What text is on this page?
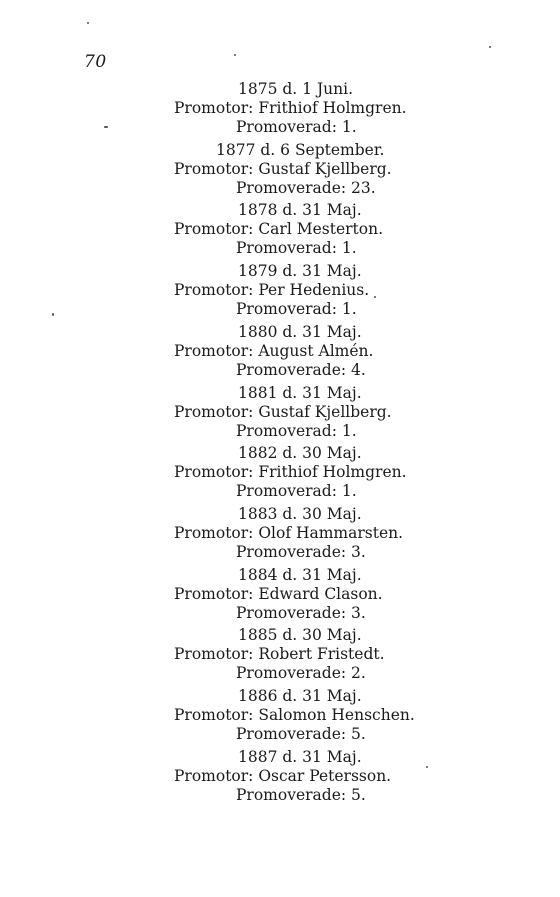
70
1875 d. 1 Juni.
Promotor: Frithiof Holmgren.
Promoverad: 1.
1877 d. 6 September.
Promotor: Gustaf Kjellberg.
Promoverade: 23.
1878 d. 31 Maj.
Promotor: Carl Mesterton.
Promoverad: 1.
1879 d. 31 Maj.
Promotor: Per Hedenius.
Promoverad: 1.
1880 d. 31 Maj.
Promotor: August Almén.
Promoverade: 4.
1881 d. 31 Maj.
Promotor: Gustaf Kjellberg.
Promoverad: 1.
1882 d. 30 Maj.
Promotor: Frithiof Holmgren.
Promoverad: 1.
1883 d. 30 Maj.
Promotor: Olof Hammarsten.
Promoverade: 3.
1884 d. 31 Maj.
Promotor: Edward Clason.
Promoverade: 3.
1885 d. 30 Maj.
Promotor: Robert Fristedt.
Promoverade: 2.
1886 d. 31 Maj.
Promotor: Salomon Henschen.
Promoverade: 5.
1887 d. 31 Maj.
Promotor: Oscar Petersson.
Promoverade: 5.
